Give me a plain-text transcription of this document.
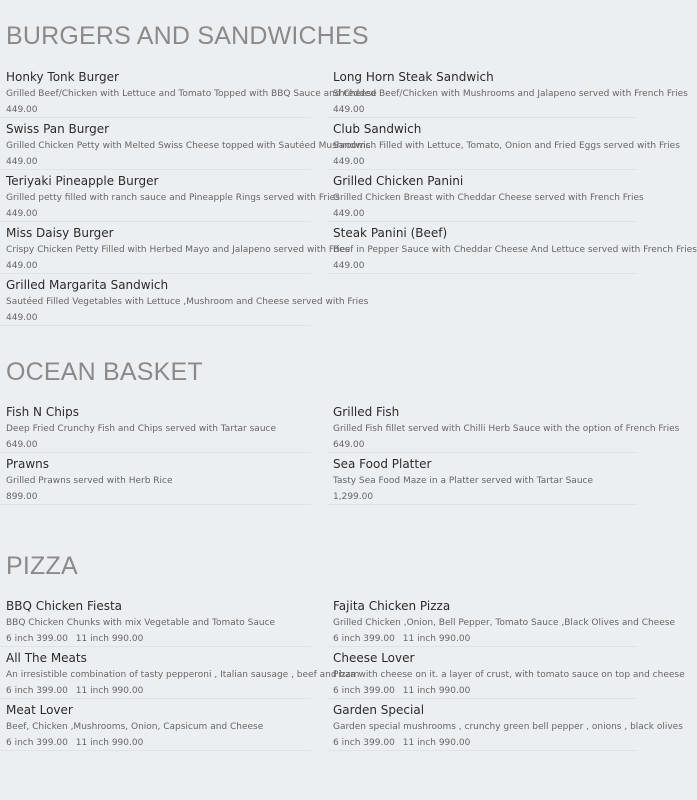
BURGERS AND SANDWICHES
Honky Tonk Burger
Grilled Beef/Chicken with Lettuce and Tomato Topped with BBQ Sauce and Cheese
449.00
Long Horn Steak Sandwich
Shredded Beef/Chicken with Mushrooms and Jalapeno served with French Fries
449.00
Swiss Pan Burger
Grilled Chicken Petty with Melted Swiss Cheese topped with Sautéed Mushrooms
449.00
Club Sandwich
Sandwich Filled with Lettuce, Tomato, Onion and Fried Eggs served with Fries
449.00
Teriyaki Pineapple Burger
Grilled petty filled with ranch sauce and Pineapple Rings served with Fries
449.00
Grilled Chicken Panini
Grilled Chicken Breast with Cheddar Cheese served with French Fries
449.00
Miss Daisy Burger
Crispy Chicken Petty Filled with Herbed Mayo and Jalapeno served with Fries
449.00
Steak Panini (Beef)
Beef in Pepper Sauce with Cheddar Cheese And Lettuce served with French Fries
449.00
Grilled Margarita Sandwich
Sautéed Filled Vegetables with Lettuce ,Mushroom and Cheese served with Fries
449.00
OCEAN BASKET
Fish N Chips
Deep Fried Crunchy Fish and Chips served with Tartar sauce
649.00
Grilled Fish
Grilled Fish fillet served with Chilli Herb Sauce with the option of French Fries
649.00
Prawns
Grilled Prawns served with Herb Rice
899.00
Sea Food Platter
Tasty Sea Food Maze in a Platter served with Tartar Sauce
1,299.00
PIZZA
BBQ Chicken Fiesta
BBQ Chicken Chunks with mix Vegetable and Tomato Sauce
6 inch 399.00 11 inch 990.00
Fajita Chicken Pizza
Grilled Chicken ,Onion, Bell Pepper, Tomato Sauce ,Black Olives and Cheese
6 inch 399.00 11 inch 990.00
All The Meats
An irresistible combination of tasty pepperoni , Italian sausage , beef and ham
6 inch 399.00 11 inch 990.00
Cheese Lover
Pizza with cheese on it. a layer of crust, with tomato sauce on top and cheese
6 inch 399.00 11 inch 990.00
Meat Lover
Beef, Chicken ,Mushrooms, Onion, Capsicum and Cheese
6 inch 399.00 11 inch 990.00
Garden Special
Garden special mushrooms , crunchy green bell pepper , onions , black olives
6 inch 399.00 11 inch 990.00
